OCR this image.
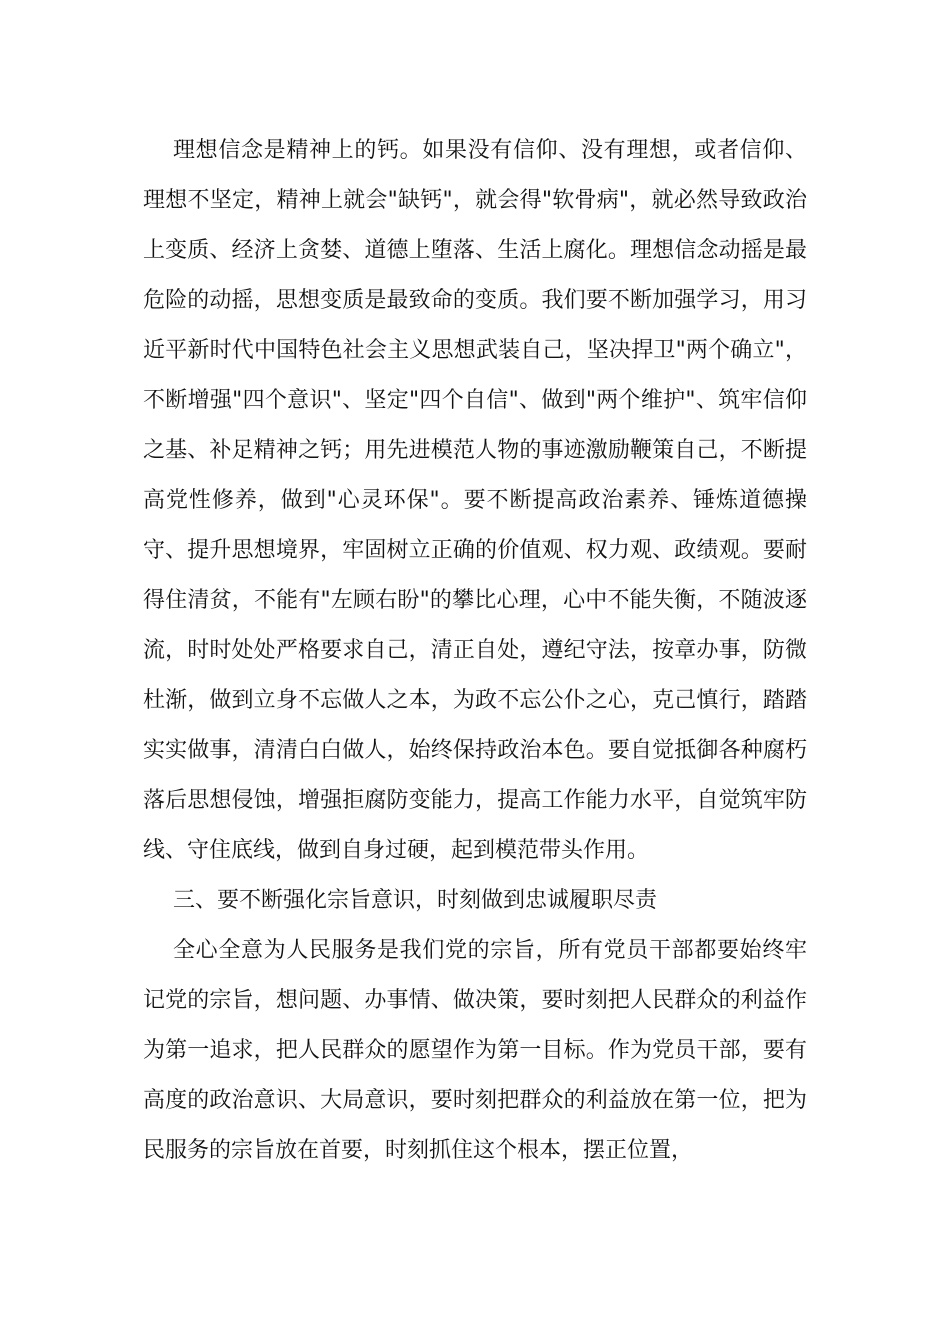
理想信念是精神上的钙。如果没有信仰、没有理想，或者信仰、理想不坚定，精神上就会"缺钙"，就会得"软骨病"，就必然导致政治上变质、经济上贪婪、道德上堕落、生活上腐化。理想信念动摇是最危险的动摇，思想变质是最致命的变质。我们要不断加强学习，用习近平新时代中国特色社会主义思想武装自己，坚决捍卫"两个确立"，不断增强"四个意识"、坚定"四个自信"、做到"两个维护"、筑牢信仰之基、补足精神之钙；用先进模范人物的事迹激励鞭策自己，不断提高党性修养，做到"心灵环保"。要不断提高政治素养、锤炼道德操守、提升思想境界，牢固树立正确的价值观、权力观、政绩观。要耐得住清贫，不能有"左顾右盼"的攀比心理，心中不能失衡，不随波逐流，时时处处严格要求自己，清正自处，遵纪守法，按章办事，防微杜渐，做到立身不忘做人之本，为政不忘公仆之心，克己慎行，踏踏实实做事，清清白白做人，始终保持政治本色。要自觉抵御各种腐朽落后思想侵蚀，增强拒腐防变能力，提高工作能力水平，自觉筑牢防线、守住底线，做到自身过硬，起到模范带头作用。

三、要不断强化宗旨意识，时刻做到忠诚履职尽责

全心全意为人民服务是我们党的宗旨，所有党员干部都要始终牢记党的宗旨，想问题、办事情、做决策，要时刻把人民群众的利益作为第一追求，把人民群众的愿望作为第一目标。作为党员干部，要有高度的政治意识、大局意识，要时刻把群众的利益放在第一位，把为民服务的宗旨放在首要，时刻抓住这个根本，摆正位置，
